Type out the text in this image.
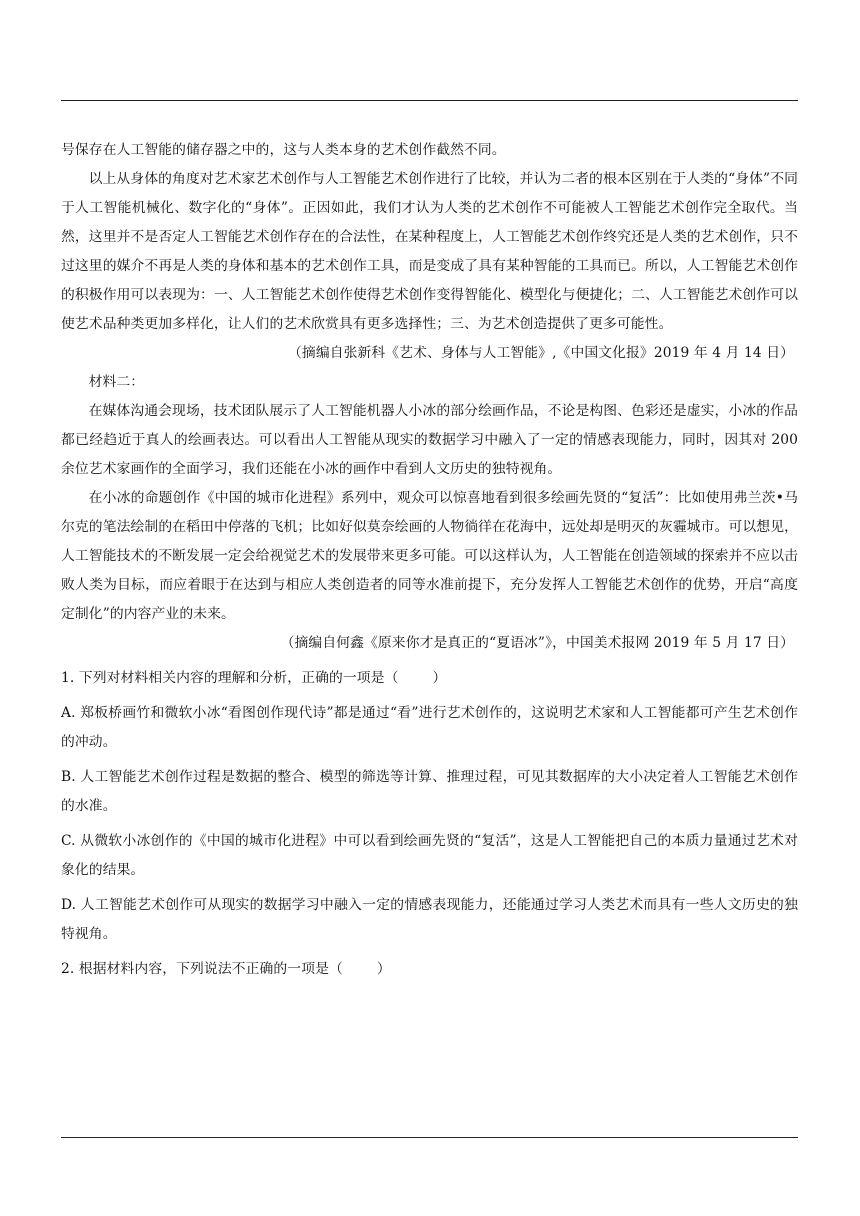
号保存在人工智能的储存器之中的，这与人类本身的艺术创作截然不同。

以上从身体的角度对艺术家艺术创作与人工智能艺术创作进行了比较，并认为二者的根本区别在于人类的“身体”不同于人工智能机械化、数字化的“身体”。正因如此，我们才认为人类的艺术创作不可能被人工智能艺术创作完全取代。当然，这里并不是否定人工智能艺术创作存在的合法性，在某种程度上，人工智能艺术创作终究还是人类的艺术创作，只不过这里的媒介不再是人类的身体和基本的艺术创作工具，而是变成了具有某种智能的工具而已。所以，人工智能艺术创作的积极作用可以表现为：一、人工智能艺术创作使得艺术创作变得智能化、模型化与便捷化；二、人工智能艺术创作可以使艺术品种类更加多样化，让人们的艺术欣赏具有更多选择性；三、为艺术创造提供了更多可能性。

（摘编自张新科《艺术、身体与人工智能》,《中国文化报》2019 年 4 月 14 日）

材料二：

在媒体沟通会现场，技术团队展示了人工智能机器人小冰的部分绘画作品，不论是构图、色彩还是虚实，小冰的作品都已经趋近于真人的绘画表达。可以看出人工智能从现实的数据学习中融入了一定的情感表现能力，同时，因其对 200 余位艺术家画作的全面学习，我们还能在小冰的画作中看到人文历史的独特视角。

在小冰的命题创作《中国的城市化进程》系列中，观众可以惊喜地看到很多绘画先贤的“复活”：比如使用弗兰茨•马尔克的笔法绘制的在稻田中停落的飞机；比如好似莫奈绘画的人物徜徉在花海中，远处却是明灭的灰霾城市。可以想见，人工智能技术的不断发展一定会给视觉艺术的发展带来更多可能。可以这样认为，人工智能在创造领域的探索并不应以击败人类为目标，而应着眼于在达到与相应人类创造者的同等水准前提下，充分发挥人工智能艺术创作的优势，开启“高度定制化”的内容产业的未来。

（摘编自何鑫《原来你才是真正的“夏语冰”》，中国美术报网 2019 年 5 月 17 日）

1. 下列对材料相关内容的理解和分析，正确的一项是（ ）

A. 郑板桥画竹和微软小冰“看图创作现代诗”都是通过“看”进行艺术创作的，这说明艺术家和人工智能都可产生艺术创作的冲动。

B. 人工智能艺术创作过程是数据的整合、模型的筛选等计算、推理过程，可见其数据库的大小决定着人工智能艺术创作的水准。

C. 从微软小冰创作的《中国的城市化进程》中可以看到绘画先贤的“复活”，这是人工智能把自己的本质力量通过艺术对象化的结果。

D. 人工智能艺术创作可从现实的数据学习中融入一定的情感表现能力，还能通过学习人类艺术而具有一些人文历史的独特视角。

2. 根据材料内容，下列说法不正确的一项是（ ）
